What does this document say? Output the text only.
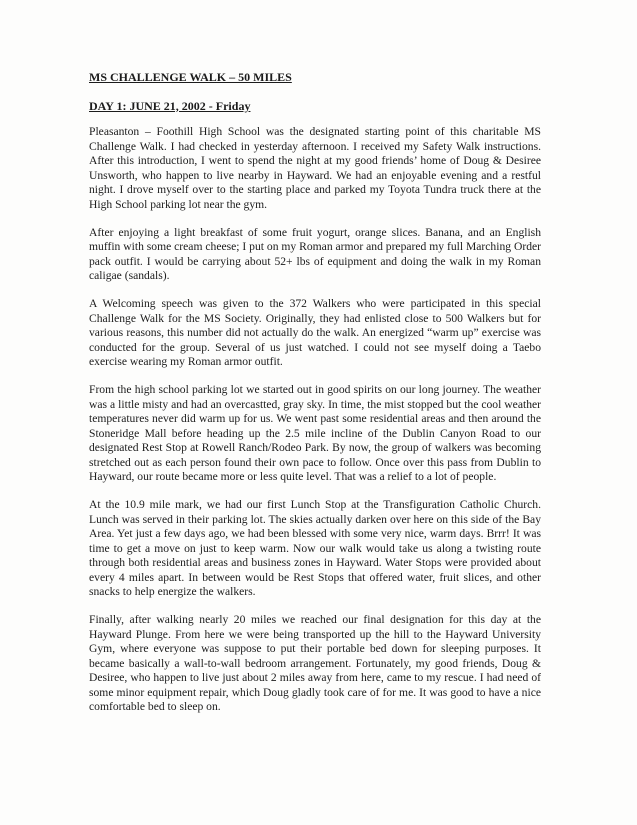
MS CHALLENGE WALK – 50 MILES
DAY 1: JUNE 21, 2002 - Friday

Pleasanton – Foothill High School was the designated starting point of this charitable MS Challenge Walk. I had checked in yesterday afternoon. I received my Safety Walk instructions. After this introduction, I went to spend the night at my good friends’ home of Doug & Desiree Unsworth, who happen to live nearby in Hayward. We had an enjoyable evening and a restful night. I drove myself over to the starting place and parked my Toyota Tundra truck there at the High School parking lot near the gym.

After enjoying a light breakfast of some fruit yogurt, orange slices. Banana, and an English muffin with some cream cheese; I put on my Roman armor and prepared my full Marching Order pack outfit. I would be carrying about 52+ lbs of equipment and doing the walk in my Roman caligae (sandals).

A Welcoming speech was given to the 372 Walkers who were participated in this special Challenge Walk for the MS Society. Originally, they had enlisted close to 500 Walkers but for various reasons, this number did not actually do the walk. An energized “warm up” exercise was conducted for the group. Several of us just watched. I could not see myself doing a Taebo exercise wearing my Roman armor outfit.

From the high school parking lot we started out in good spirits on our long journey. The weather was a little misty and had an overcastted, gray sky. In time, the mist stopped but the cool weather temperatures never did warm up for us. We went past some residential areas and then around the Stoneridge Mall before heading up the 2.5 mile incline of the Dublin Canyon Road to our designated Rest Stop at Rowell Ranch/Rodeo Park. By now, the group of walkers was becoming stretched out as each person found their own pace to follow. Once over this pass from Dublin to Hayward, our route became more or less quite level. That was a relief to a lot of people.

At the 10.9 mile mark, we had our first Lunch Stop at the Transfiguration Catholic Church. Lunch was served in their parking lot. The skies actually darken over here on this side of the Bay Area. Yet just a few days ago, we had been blessed with some very nice, warm days. Brrr! It was time to get a move on just to keep warm. Now our walk would take us along a twisting route through both residential areas and business zones in Hayward. Water Stops were provided about every 4 miles apart. In between would be Rest Stops that offered water, fruit slices, and other snacks to help energize the walkers.

Finally, after walking nearly 20 miles we reached our final designation for this day at the Hayward Plunge. From here we were being transported up the hill to the Hayward University Gym, where everyone was suppose to put their portable bed down for sleeping purposes. It became basically a wall-to-wall bedroom arrangement. Fortunately, my good friends, Doug & Desiree, who happen to live just about 2 miles away from here, came to my rescue. I had need of some minor equipment repair, which Doug gladly took care of for me. It was good to have a nice comfortable bed to sleep on.
